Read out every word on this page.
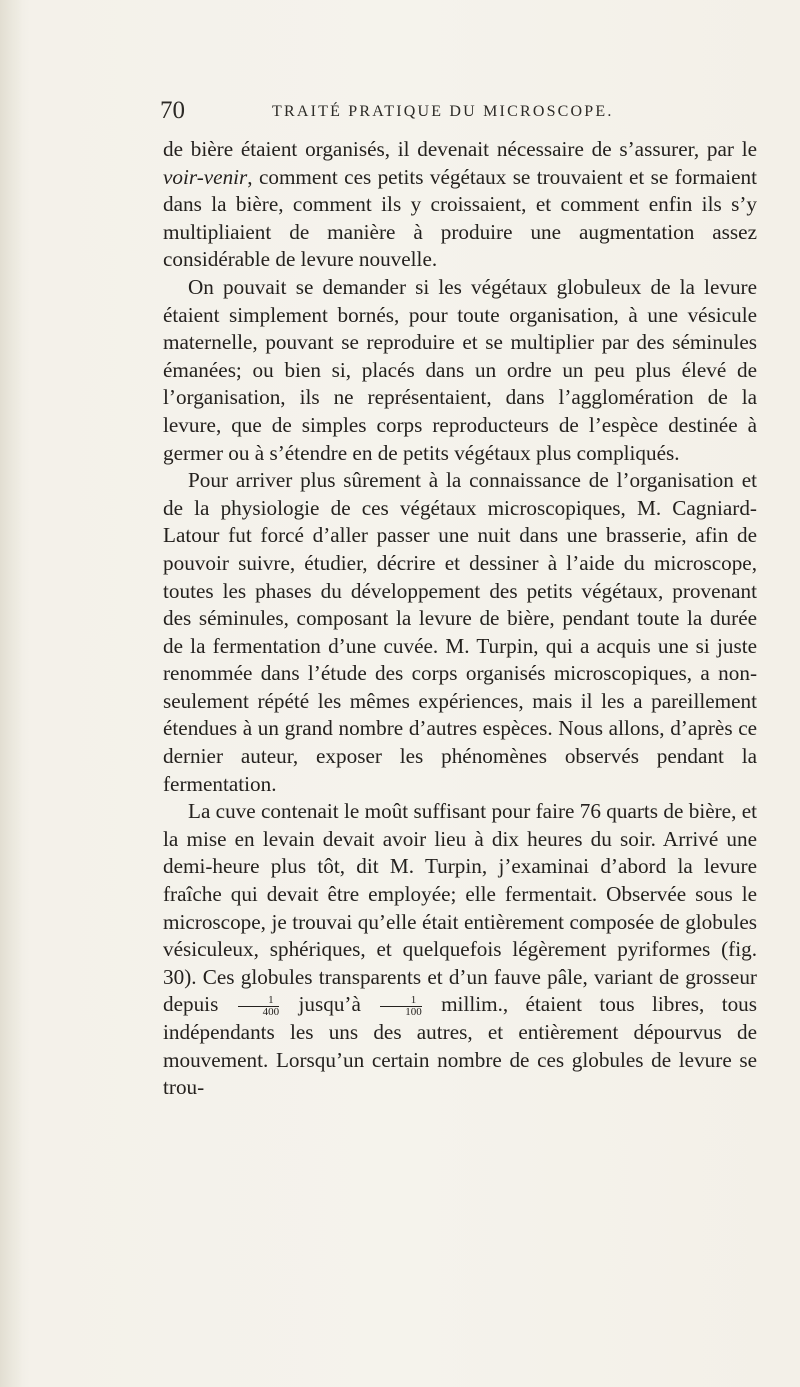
70	TRAITÉ PRATIQUE DU MICROSCOPE.

de bière étaient organisés, il devenait nécessaire de s’assurer, par le voir-venir, comment ces petits végétaux se trouvaient et se formaient dans la bière, comment ils y croissaient, et comment enfin ils s’y multipliaient de manière à produire une augmentation assez considérable de levure nouvelle.

On pouvait se demander si les végétaux globuleux de la levure étaient simplement bornés, pour toute organisation, à une vésicule maternelle, pouvant se reproduire et se multiplier par des séminules émanées; ou bien si, placés dans un ordre un peu plus élevé de l’organisation, ils ne représentaient, dans l’agglomération de la levure, que de simples corps reproducteurs de l’espèce destinée à germer ou à s’étendre en de petits végétaux plus compliqués.

Pour arriver plus sûrement à la connaissance de l’organisation et de la physiologie de ces végétaux microscopiques, M. Cagniard-Latour fut forcé d’aller passer une nuit dans une brasserie, afin de pouvoir suivre, étudier, décrire et dessiner à l’aide du microscope, toutes les phases du développement des petits végétaux, provenant des séminules, composant la levure de bière, pendant toute la durée de la fermentation d’une cuvée. M. Turpin, qui a acquis une si juste renommée dans l’étude des corps organisés microscopiques, a non-seulement répété les mêmes expériences, mais il les a pareillement étendues à un grand nombre d’autres espèces. Nous allons, d’après ce dernier auteur, exposer les phénomènes observés pendant la fermentation.

La cuve contenait le moût suffisant pour faire 76 quarts de bière, et la mise en levain devait avoir lieu à dix heures du soir. Arrivé une demi-heure plus tôt, dit M. Turpin, j’examinai d’abord la levure fraîche qui devait être employée; elle fermentait. Observée sous le microscope, je trouvai qu’elle était entièrement composée de globules vésiculeux, sphériques, et quelquefois légèrement pyriformes (fig. 30). Ces globules transparents et d’un fauve pâle, variant de grosseur depuis $\frac{1}{400}$ jusqu’à $\frac{1}{100} millim$., étaient tous libres, tous indépendants les uns des autres, et entièrement dépourvus de mouvement. Lorsqu’un certain nombre de ces globules de levure se trou-
